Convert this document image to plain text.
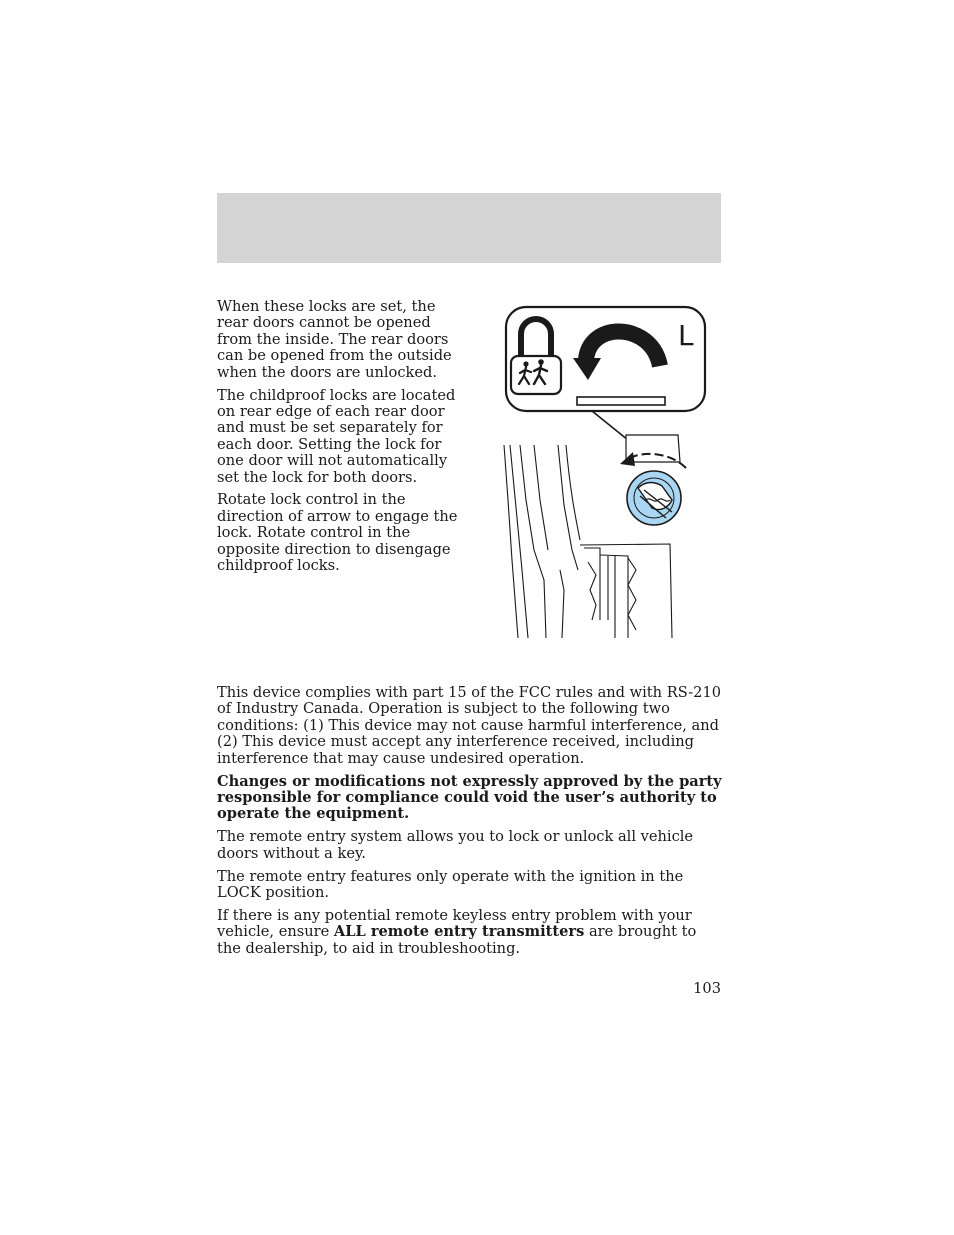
When these locks are set, the rear doors cannot be opened from the inside. The rear doors can be opened from the outside when the doors are unlocked.

The childproof locks are located on rear edge of each rear door and must be set separately for each door. Setting the lock for one door will not automatically set the lock for both doors.

Rotate lock control in the direction of arrow to engage the lock. Rotate control in the opposite direction to disengage childproof locks.

L

This device complies with part 15 of the FCC rules and with RS-210 of Industry Canada. Operation is subject to the following two conditions: (1) This device may not cause harmful interference, and (2) This device must accept any interference received, including interference that may cause undesired operation.

Changes or modifications not expressly approved by the party responsible for compliance could void the user’s authority to operate the equipment.

The remote entry system allows you to lock or unlock all vehicle doors without a key.

The remote entry features only operate with the ignition in the LOCK position.

If there is any potential remote keyless entry problem with your vehicle, ensure ALL remote entry transmitters are brought to the dealership, to aid in troubleshooting.

103
